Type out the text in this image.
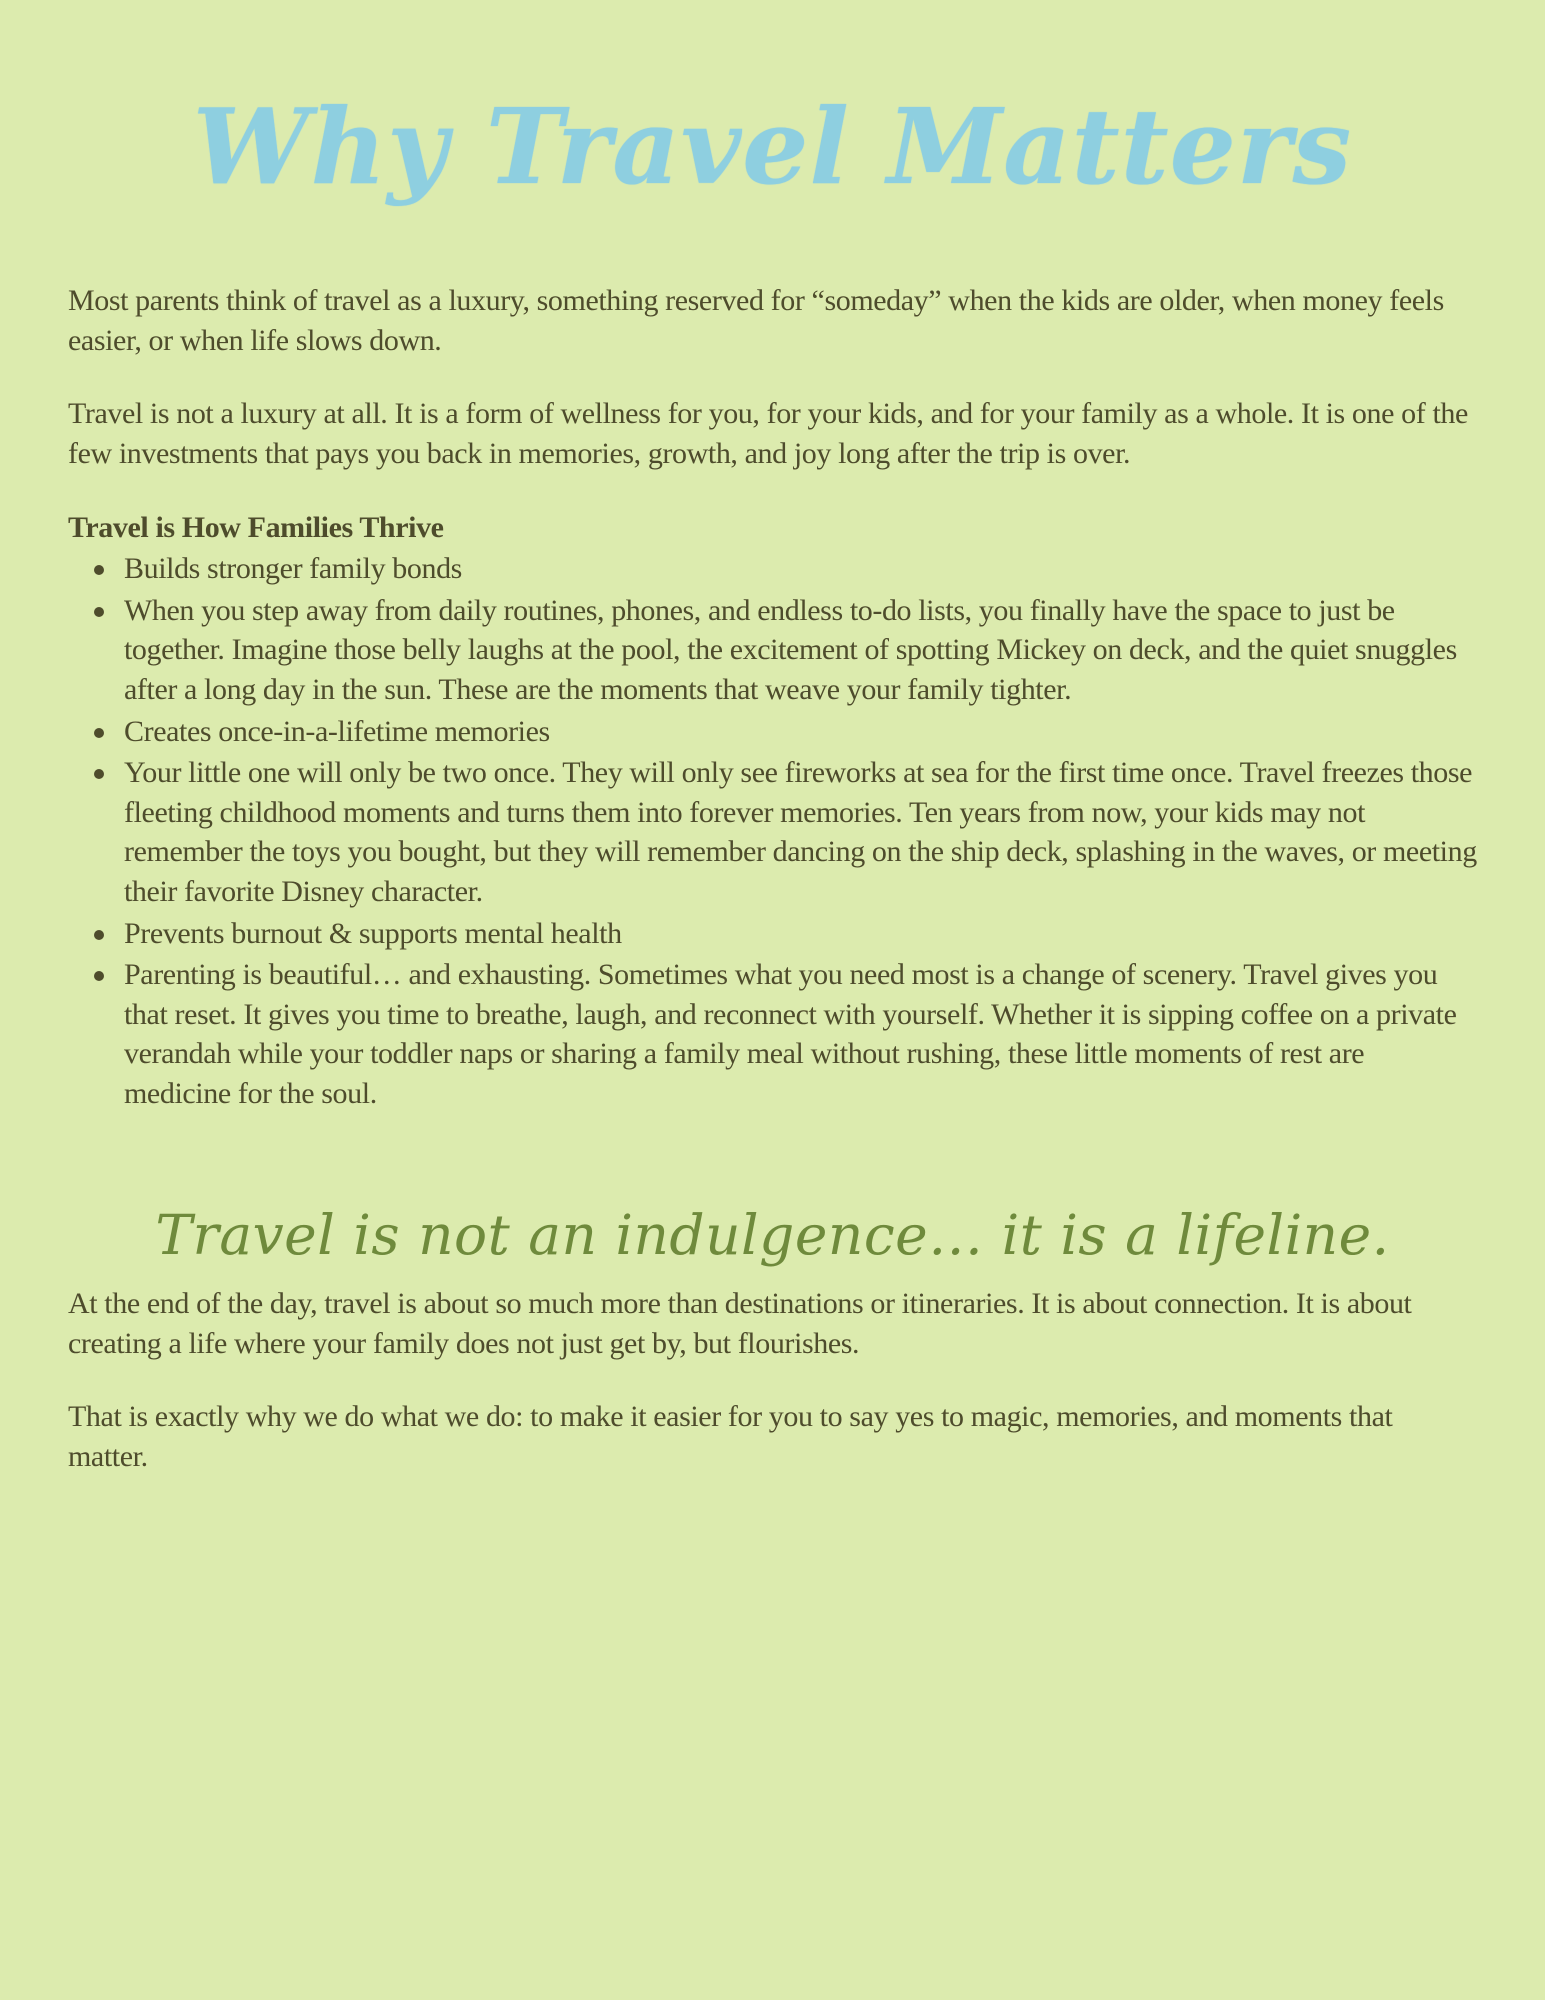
Why Travel Matters

Most parents think of travel as a luxury, something reserved for “someday” when the kids are older, when money feels easier, or when life slows down.

Travel is not a luxury at all. It is a form of wellness for you, for your kids, and for your family as a whole. It is one of the few investments that pays you back in memories, growth, and joy long after the trip is over.

Travel is How Families Thrive
Builds stronger family bonds
When you step away from daily routines, phones, and endless to-do lists, you finally have the space to just be together. Imagine those belly laughs at the pool, the excitement of spotting Mickey on deck, and the quiet snuggles after a long day in the sun. These are the moments that weave your family tighter.
Creates once-in-a-lifetime memories
Your little one will only be two once. They will only see fireworks at sea for the first time once. Travel freezes those fleeting childhood moments and turns them into forever memories. Ten years from now, your kids may not remember the toys you bought, but they will remember dancing on the ship deck, splashing in the waves, or meeting their favorite Disney character.
Prevents burnout & supports mental health
Parenting is beautiful… and exhausting. Sometimes what you need most is a change of scenery. Travel gives you that reset. It gives you time to breathe, laugh, and reconnect with yourself. Whether it is sipping coffee on a private verandah while your toddler naps or sharing a family meal without rushing, these little moments of rest are medicine for the soul.
Travel is not an indulgence… it is a lifeline.

At the end of the day, travel is about so much more than destinations or itineraries. It is about connection. It is about creating a life where your family does not just get by, but flourishes.

That is exactly why we do what we do: to make it easier for you to say yes to magic, memories, and moments that matter.
